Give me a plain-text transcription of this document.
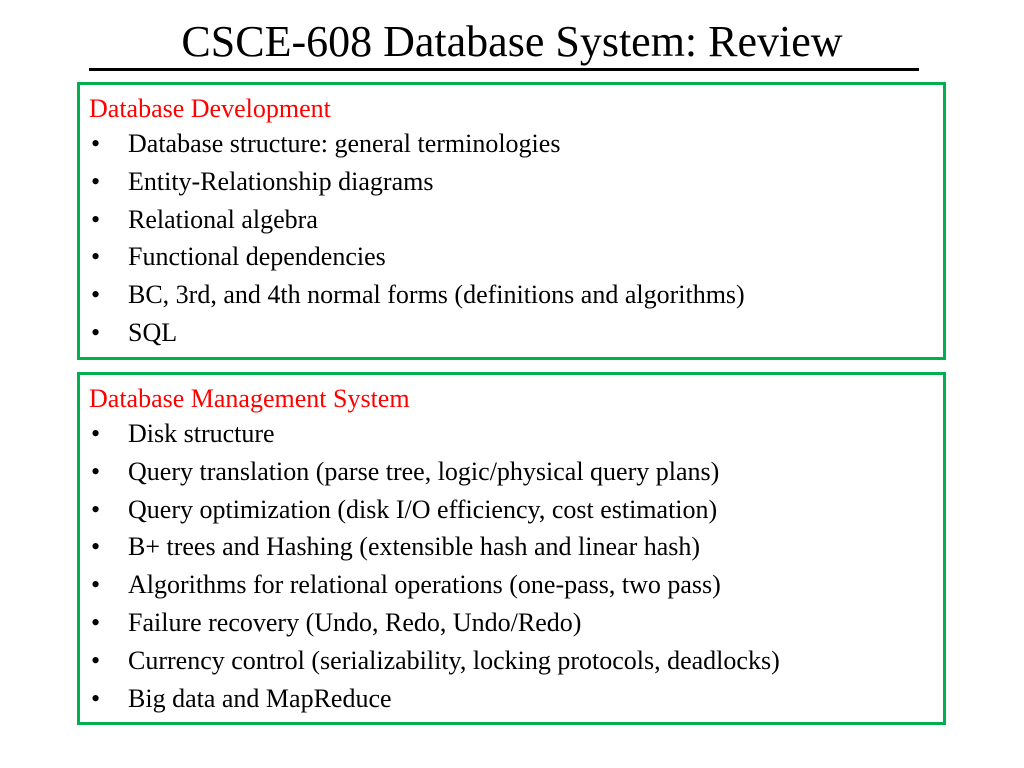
CSCE-608 Database System: Review
Database Development
• Database structure: general terminologies
• Entity-Relationship diagrams
• Relational algebra
• Functional dependencies
• BC, 3rd, and 4th normal forms (definitions and algorithms)
• SQL
Database Management System
• Disk structure
• Query translation (parse tree, logic/physical query plans)
• Query optimization (disk I/O efficiency, cost estimation)
• B+ trees and Hashing (extensible hash and linear hash)
• Algorithms for relational operations (one-pass, two pass)
• Failure recovery (Undo, Redo, Undo/Redo)
• Currency control (serializability, locking protocols, deadlocks)
• Big data and MapReduce
